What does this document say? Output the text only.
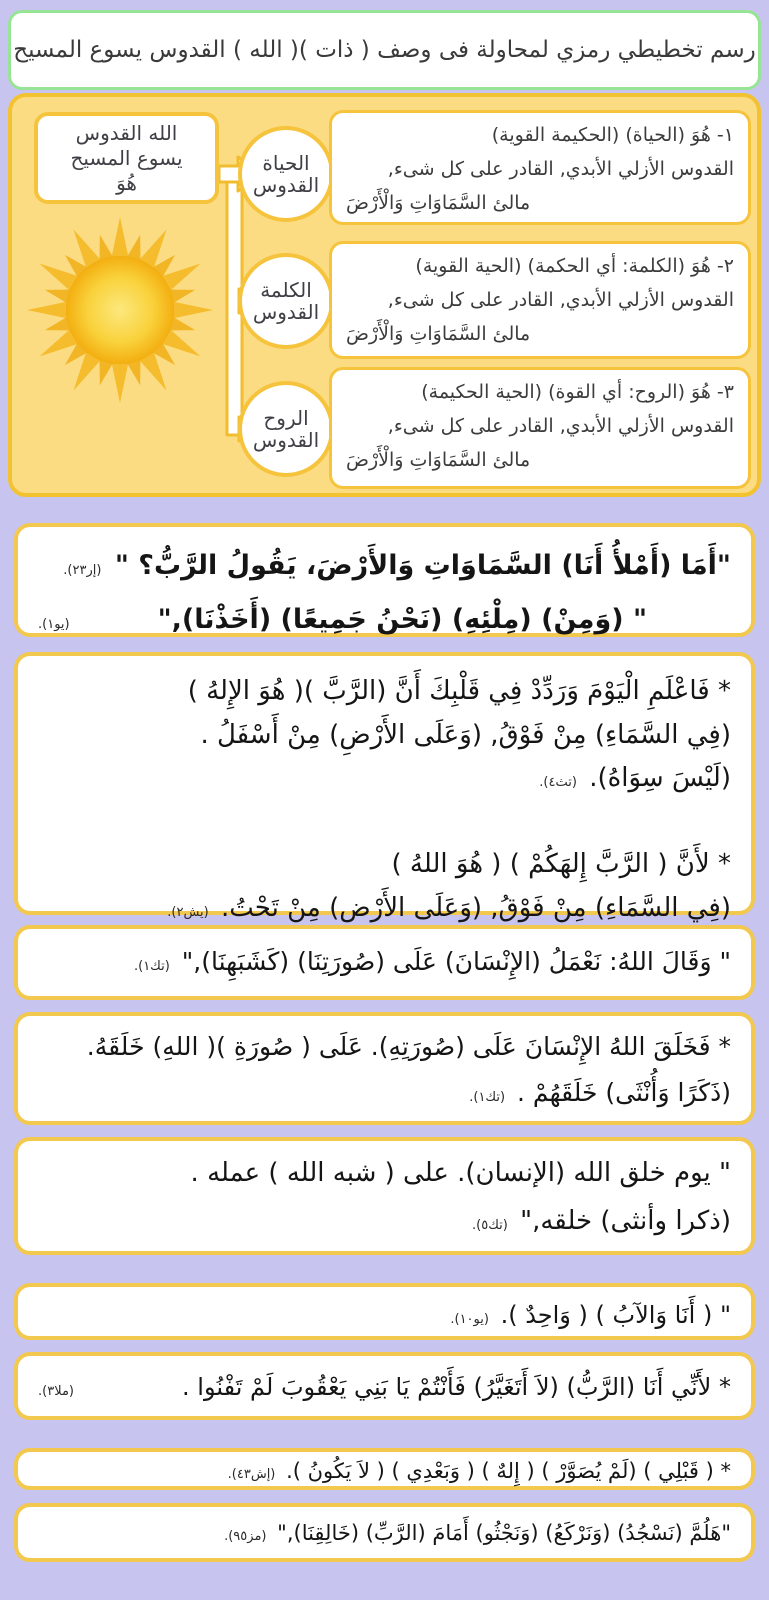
رسم تخطيطي رمزي لمحاولة فى وصف ( ذات )( الله ) القدوس يسوع المسيح
الله القدوس
يسوع المسيح
هُوَ
الحياة
القدوس
الكلمة
القدوس
الروح
القدوس
١- هُوَ (الحياة) (الحكيمة القوية)
القدوس الأزلي الأبدي, القادر على كل شىء,
مالئ السَّمَاوَاتِ وَالْأَرْضَ
٢- هُوَ (الكلمة: أي الحكمة) (الحية القوية)
القدوس الأزلي الأبدي, القادر على كل شىء,
مالئ السَّمَاوَاتِ وَالْأَرْضَ
٣- هُوَ (الروح: أي القوة) (الحية الحكيمة)
القدوس الأزلي الأبدي, القادر على كل شىء,
مالئ السَّمَاوَاتِ وَالْأَرْضَ
"أَمَا (أَمْلأُ أَنَا) السَّمَاوَاتِ وَالأَرْضَ، يَقُولُ الرَّبُّ؟ " (إر٢٣).
" (وَمِنْ) (مِلْئِهِ) (نَحْنُ جَمِيعًا) (أَخَذْنَا),"
(يو١).
* فَاعْلَمِ الْيَوْمَ وَرَدِّدْ فِي قَلْبِكَ أَنَّ (الرَّبَّ )( هُوَ الإِلهُ )
(فِي السَّمَاءِ) مِنْ فَوْقُ, (وَعَلَى الأَرْضِ) مِنْ أَسْفَلُ .
(لَيْسَ سِوَاهُ). (تث٤).
* لأَنَّ ( الرَّبَّ إِلهَكُمْ ) ( هُوَ اللهُ )
(فِي السَّمَاءِ) مِنْ فَوْقُ, (وَعَلَى الأَرْضِ) مِنْ تَحْتُ. (يش٢).
" وَقَالَ اللهُ: نَعْمَلُ (الإِنْسَانَ) عَلَى (صُورَتِنَا) (كَشَبَهِنَا)," (تك١).
* فَخَلَقَ اللهُ الإِنْسَانَ عَلَى (صُورَتِهِ). عَلَى ( صُورَةِ )( اللهِ) خَلَقَهُ.
(ذَكَرًا وَأُنْثَى) خَلَقَهُمْ . (تك١).
" يوم خلق الله (الإنسان). على ( شبه الله ) عمله .
(ذكرا وأنثى) خلقه," (تك٥).
" ( أَنَا وَالآبُ ) ( وَاحِدٌ ). (يو١٠).
* لأَنِّي أَنَا (الرَّبُّ) (لاَ أَتَغَيَّرُ) فَأَنْتُمْ يَا بَنِي يَعْقُوبَ لَمْ تَفْنُوا .
(ملا٣).
* ( قَبْلِي ) (لَمْ يُصَوَّرْ ) ( إِلهٌ ) ( وَبَعْدِي ) ( لاَ يَكُونُ ). (إش٤٣).
"هَلُمَّ (نَسْجُدُ) (وَنَرْكَعُ) (وَنَجْثُو) أَمَامَ (الرَّبِّ) (خَالِقِنَا)," (مز٩٥).
